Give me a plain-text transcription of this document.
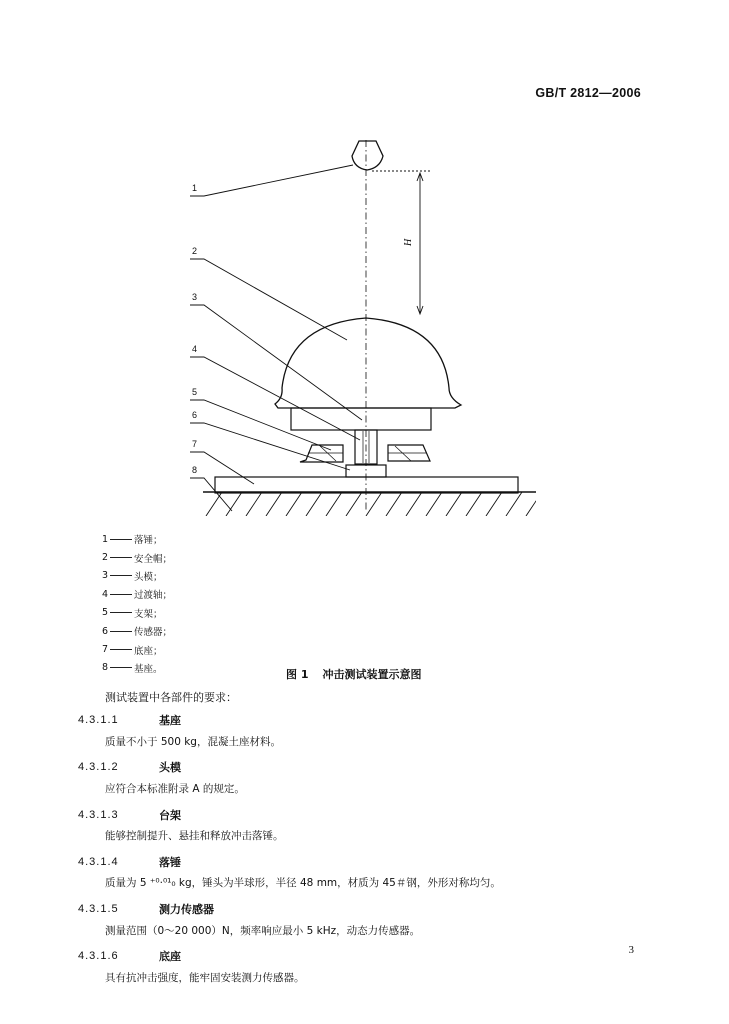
GB/T 2812—2006
H
1
2
3
4
5
6
7
8
1	落锤；
2	安全帽；
3	头模；
4	过渡轴；
5	支架；
6	传感器；
7	底座；
8	基座。	图 1 冲击测试装置示意图
测试装置中各部件的要求：
4.3.1.1	基座
质量不小于 500 kg，混凝土座材料。
4.3.1.2	头模
应符合本标准附录 A 的规定。
4.3.1.3	台架
能够控制提升、悬挂和释放冲击落锤。
4.3.1.4	落锤
质量为 5 ⁺⁰·⁰¹₀ kg，锤头为半球形，半径 48 mm，材质为 45＃钢，外形对称均匀。
4.3.1.5	测力传感器
测量范围（0～20 000）N，频率响应最小 5 kHz，动态力传感器。
4.3.1.6	底座
具有抗冲击强度，能牢固安装测力传感器。
3
